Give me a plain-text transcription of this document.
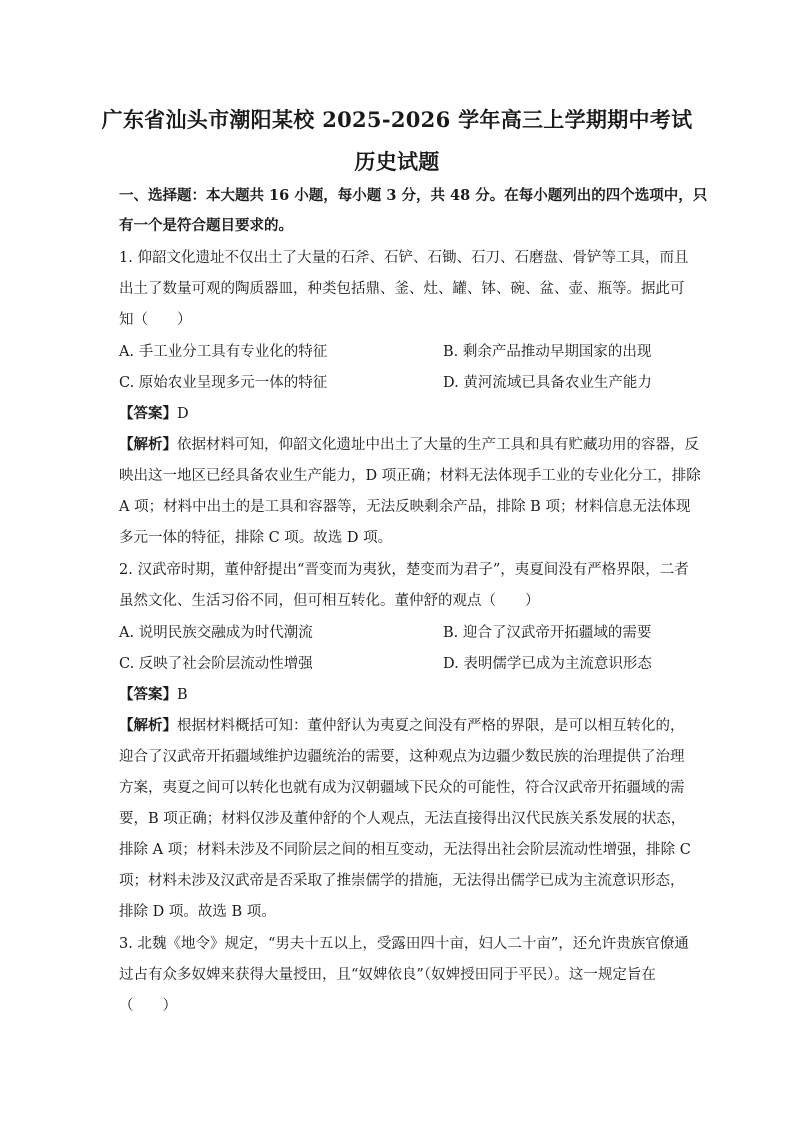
广东省汕头市潮阳某校 2025-2026 学年高三上学期期中考试
历史试题
一、选择题：本大题共 16 小题，每小题 3 分，共 48 分。在每小题列出的四个选项中，只
有一个是符合题目要求的。
1. 仰韶文化遗址不仅出土了大量的石斧、石铲、石锄、石刀、石磨盘、骨铲等工具，而且
出土了数量可观的陶质器皿，种类包括鼎、釜、灶、罐、钵、碗、盆、壶、瓶等。据此可
知（　　）
A. 手工业分工具有专业化的特征	B. 剩余产品推动早期国家的出现
C. 原始农业呈现多元一体的特征	D. 黄河流域已具备农业生产能力
【答案】D
【解析】依据材料可知，仰韶文化遗址中出土了大量的生产工具和具有贮藏功用的容器，反
映出这一地区已经具备农业生产能力，D 项正确；材料无法体现手工业的专业化分工，排除
A 项；材料中出土的是工具和容器等，无法反映剩余产品，排除 B 项；材料信息无法体现
多元一体的特征，排除 C 项。故选 D 项。
2. 汉武帝时期，董仲舒提出“晋变而为夷狄，楚变而为君子”，夷夏间没有严格界限，二者
虽然文化、生活习俗不同，但可相互转化。董仲舒的观点（　　）
A. 说明民族交融成为时代潮流	B. 迎合了汉武帝开拓疆域的需要
C. 反映了社会阶层流动性增强	D. 表明儒学已成为主流意识形态
【答案】B
【解析】根据材料概括可知：董仲舒认为夷夏之间没有严格的界限，是可以相互转化的，
迎合了汉武帝开拓疆域维护边疆统治的需要，这种观点为边疆少数民族的治理提供了治理
方案，夷夏之间可以转化也就有成为汉朝疆域下民众的可能性，符合汉武帝开拓疆域的需
要，B 项正确；材料仅涉及董仲舒的个人观点，无法直接得出汉代民族关系发展的状态，
排除 A 项；材料未涉及不同阶层之间的相互变动，无法得出社会阶层流动性增强，排除 C
项；材料未涉及汉武帝是否采取了推崇儒学的措施，无法得出儒学已成为主流意识形态，
排除 D 项。故选 B 项。
3. 北魏《地令》规定，“男夫十五以上，受露田四十亩，妇人二十亩”，还允许贵族官僚通
过占有众多奴婢来获得大量授田，且“奴婢依良”（奴婢授田同于平民）。这一规定旨在
（　　）
